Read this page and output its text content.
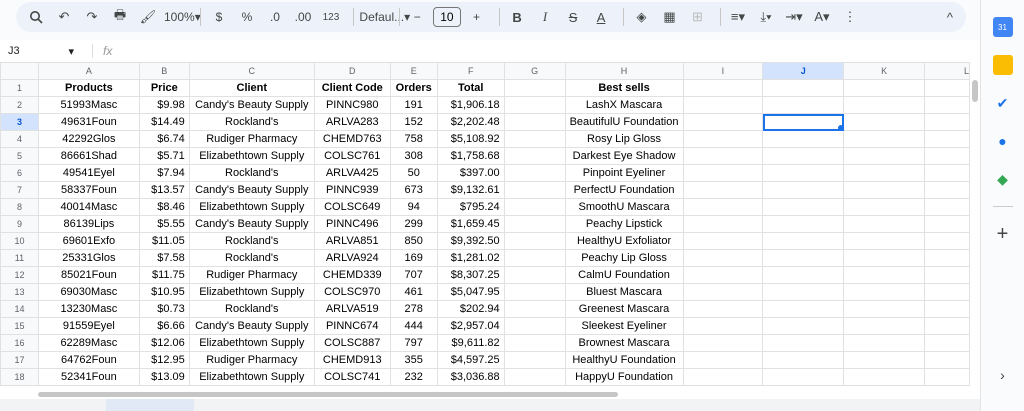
↶	↷	🖶	🖌 100% ▾	$	%	.0	.00	123	Defaul... ▾ −	10	+	B	I	S	A	◈	▦	⊞	≡▾	⤓▾	⇥▾ A▾	⋮	^
J3	▾	fx
	A	B	C	D	E	F	G	H	I	J	K	L
1	Products	Price	Client	Client Code	Orders	Total		Best sells				
2	51993Masc	$9.98	Candy's Beauty Supply	PINNC980	191	$1,906.18		LashX Mascara				
3	49631Foun	$14.49	Rockland's	ARLVA283	152	$2,202.48		BeautifulU Foundation		

4	42292Glos	$6.74	Rudiger Pharmacy	CHEMD763	758	$5,108.92		Rosy Lip Gloss				
5	86661Shad	$5.71	Elizabethtown Supply	COLSC761	308	$1,758.68		Darkest Eye Shadow				
6	49541Eyel	$7.94	Rockland's	ARLVA425	50	$397.00		Pinpoint Eyeliner				
7	58337Foun	$13.57	Candy's Beauty Supply	PINNC939	673	$9,132.61		PerfectU Foundation				
8	40014Masc	$8.46	Elizabethtown Supply	COLSC649	94	$795.24		SmoothU Mascara				
9	86139Lips	$5.55	Candy's Beauty Supply	PINNC496	299	$1,659.45		Peachy Lipstick				
10	69601Exfo	$11.05	Rockland's	ARLVA851	850	$9,392.50		HealthyU Exfoliator				
11	25331Glos	$7.58	Rockland's	ARLVA924	169	$1,281.02		Peachy Lip Gloss				
12	85021Foun	$11.75	Rudiger Pharmacy	CHEMD339	707	$8,307.25		CalmU Foundation				
13	69030Masc	$10.95	Elizabethtown Supply	COLSC970	461	$5,047.95		Bluest Mascara				
14	13230Masc	$0.73	Rockland's	ARLVA519	278	$202.94		Greenest Mascara				
15	91559Eyel	$6.66	Candy's Beauty Supply	PINNC674	444	$2,957.04		Sleekest Eyeliner				
16	62289Masc	$12.06	Elizabethtown Supply	COLSC887	797	$9,611.82		Brownest Mascara				
17	64762Foun	$12.95	Rudiger Pharmacy	CHEMD913	355	$4,597.25		HealthyU Foundation				
18	52341Foun	$13.09	Elizabethtown Supply	COLSC741	232	$3,036.88		HappyU Foundation				
31
✔
●
◆
+
›
